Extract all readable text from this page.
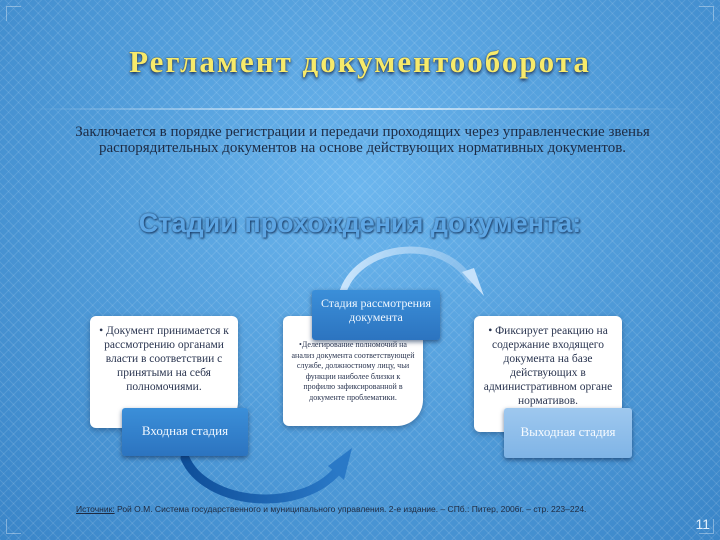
Регламент документооборота
Заключается в порядке регистрации и передачи проходящих через управленческие звенья распорядительных документов на основе действующих нормативных документов.
Стадии прохождения документа:
• Документ принимается к рассмотрению органами власти в соответствии с принятыми на себя полномочиями.
Входная стадия
•Делегирование полномочий на анализ документа соответствующей службе, должностному лицу, чьи функции наиболее близки к профилю зафиксированной в документе проблематики.
Стадия рассмотрения документа
• Фиксирует реакцию на содержание входящего документа на базе действующих в административном органе нормативов.
Выходная стадия
Источник: Рой О.М. Система государственного и муниципального управления. 2-е издание. – СПб.: Питер, 2006г. – стр. 223–224.
11
